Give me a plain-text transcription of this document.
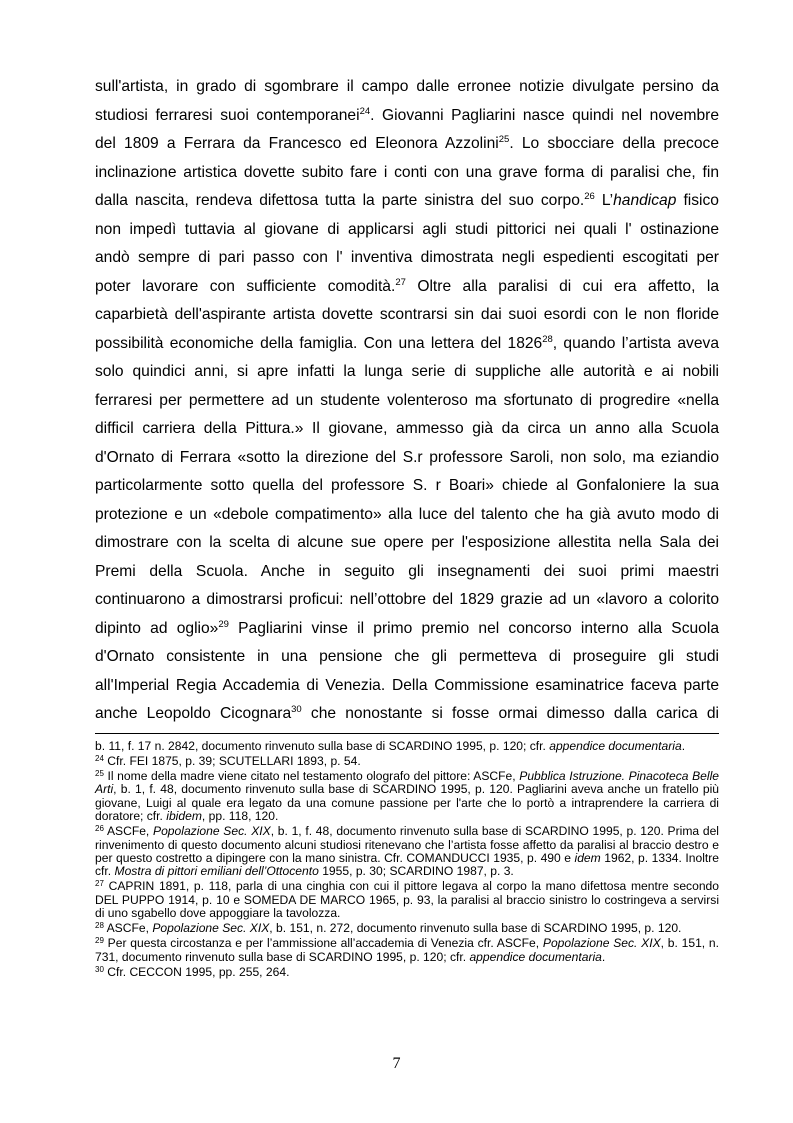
sull'artista, in grado di sgombrare il campo dalle erronee notizie divulgate persino da
studiosi ferraresi suoi contemporanei$^{24}$. Giovanni Pagliarini nasce quindi nel novembre
del 1809 a Ferrara da Francesco ed Eleonora Azzolini$^{25}$. Lo sbocciare della precoce
inclinazione artistica dovette subito fare i conti con una grave forma di paralisi che, fin
dalla nascita, rendeva difettosa tutta la parte sinistra del suo corpo.$^{26}$ L’handicap fisico
non impedì tuttavia al giovane di applicarsi agli studi pittorici nei quali l' ostinazione
andò sempre di pari passo con l' inventiva dimostrata negli espedienti escogitati per
poter lavorare con sufficiente comodità.$^{27}$ Oltre alla paralisi di cui era affetto, la
caparbietà dell'aspirante artista dovette scontrarsi sin dai suoi esordi con le non floride
possibilità economiche della famiglia. Con una lettera del 1826$^{28}$, quando l’artista aveva
solo quindici anni, si apre infatti la lunga serie di suppliche alle autorità e ai nobili
ferraresi per permettere ad un studente volenteroso ma sfortunato di progredire «nella
difficil carriera della Pittura.» Il giovane, ammesso già da circa un anno alla Scuola
d'Ornato di Ferrara «sotto la direzione del S.r professore Saroli, non solo, ma eziandio
particolarmente sotto quella del professore S. r Boari» chiede al Gonfaloniere la sua
protezione e un «debole compatimento» alla luce del talento che ha già avuto modo di
dimostrare con la scelta di alcune sue opere per l'esposizione allestita nella Sala dei
Premi della Scuola. Anche in seguito gli insegnamenti dei suoi primi maestri
continuarono a dimostrarsi proficui: nell’ottobre del 1829 grazie ad un «lavoro a colorito
dipinto ad oglio»$^{29}$ Pagliarini vinse il primo premio nel concorso interno alla Scuola
d'Ornato consistente in una pensione che gli permetteva di proseguire gli studi
all'Imperial Regia Accademia di Venezia. Della Commissione esaminatrice faceva parte
anche Leopoldo Cicognara$^{30}$ che nonostante si fosse ormai dimesso dalla carica di

b. 11, f. 17 n. 2842, documento rinvenuto sulla base di SCARDINO 1995, p. 120; cfr. appendice documentaria.

$^{24}$ Cfr. FEI 1875, p. 39; SCUTELLARI 1893, p. 54.

$^{25}$ Il nome della madre viene citato nel testamento olografo del pittore: ASCFe, Pubblica Istruzione. Pinacoteca Belle Arti, b. 1, f. 48, documento rinvenuto sulla base di SCARDINO 1995, p. 120. Pagliarini aveva anche un fratello più giovane, Luigi al quale era legato da una comune passione per l'arte che lo portò a intraprendere la carriera di doratore; cfr. ibidem, pp. 118, 120.

$^{26}$ ASCFe, Popolazione Sec. XIX, b. 1, f. 48, documento rinvenuto sulla base di SCARDINO 1995, p. 120. Prima del rinvenimento di questo documento alcuni studiosi ritenevano che l’artista fosse affetto da paralisi al braccio destro e per questo costretto a dipingere con la mano sinistra. Cfr. COMANDUCCI 1935, p. 490 e idem 1962, p. 1334. Inoltre cfr. Mostra di pittori emiliani dell’Ottocento 1955, p. 30; SCARDINO 1987, p. 3.

$^{27}$ CAPRIN 1891, p. 118, parla di una cinghia con cui il pittore legava al corpo la mano difettosa mentre secondo DEL PUPPO 1914, p. 10 e SOMEDA DE MARCO 1965, p. 93, la paralisi al braccio sinistro lo costringeva a servirsi di uno sgabello dove appoggiare la tavolozza.

$^{28}$ ASCFe, Popolazione Sec. XIX, b. 151, n. 272, documento rinvenuto sulla base di SCARDINO 1995, p. 120.

$^{29}$ Per questa circostanza e per l’ammissione all’accademia di Venezia cfr. ASCFe, Popolazione Sec. XIX, b. 151, n. 731, documento rinvenuto sulla base di SCARDINO 1995, p. 120; cfr. appendice documentaria.

$^{30}$ Cfr. CECCON 1995, pp. 255, 264.

7
